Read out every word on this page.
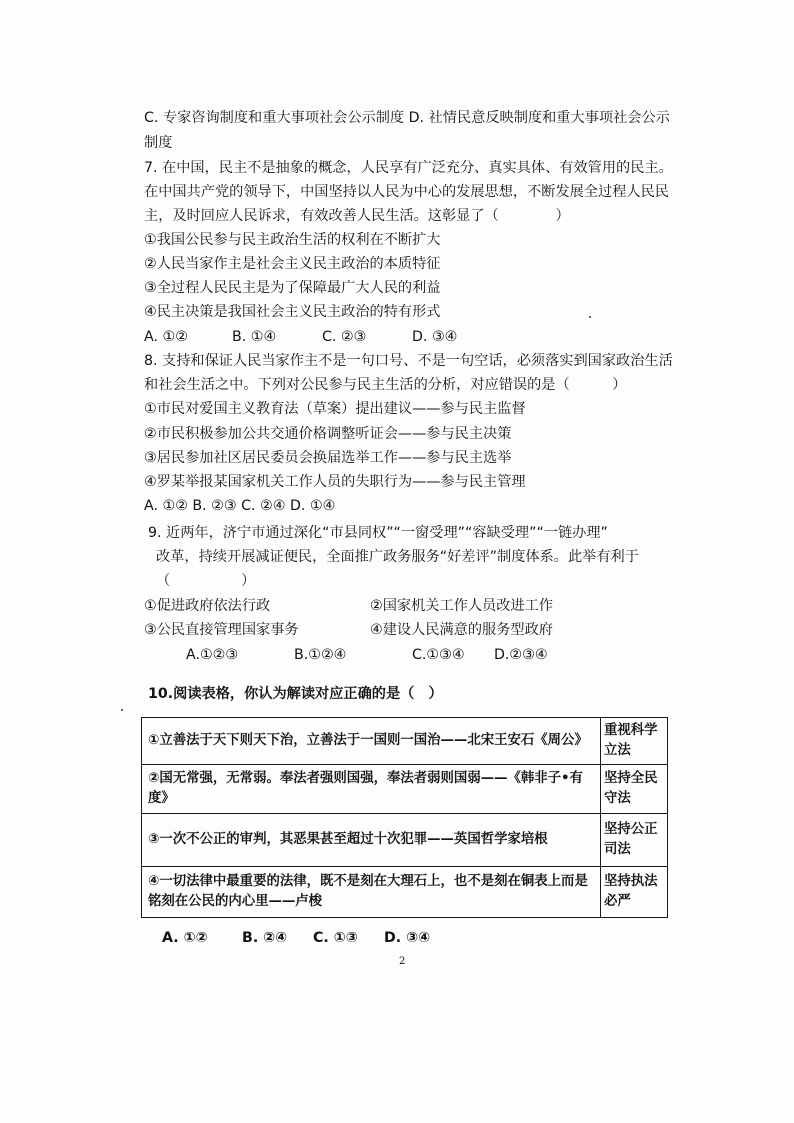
C. 专家咨询制度和重大事项社会公示制度 D. 社情民意反映制度和重大事项社会公示
制度
7. 在中国，民主不是抽象的概念，人民享有广泛充分、真实具体、有效管用的民主。
在中国共产党的领导下，中国坚持以人民为中心的发展思想，不断发展全过程人民民
主，及时回应人民诉求，有效改善人民生活。这彰显了（　　　　）
①我国公民参与民主政治生活的权利在不断扩大
②人民当家作主是社会主义民主政治的本质特征
③全过程人民民主是为了保障最广大人民的利益
④民主决策是我国社会主义民主政治的特有形式
A. ①②	B. ①④	C. ②③	D. ③④
8. 支持和保证人民当家作主不是一句口号、不是一句空话，必须落实到国家政治生活
和社会生活之中。下列对公民参与民主生活的分析，对应错误的是（　　　）
①市民对爱国主义教育法（草案）提出建议——参与民主监督
②市民积极参加公共交通价格调整听证会——参与民主决策
③居民参加社区居民委员会换届选举工作——参与民主选举
④罗某举报某国家机关工作人员的失职行为——参与民主管理
A. ①② B. ②③ C. ②④ D. ①④
9. 近两年，济宁市通过深化“市县同权”“一窗受理”“容缺受理”“一链办理”
改革，持续开展减证便民，全面推广政务服务“好差评”制度体系。此举有利于
（　　　　　）
①促进政府依法行政	②国家机关工作人员改进工作
③公民直接管理国家事务	④建设人民满意的服务型政府
A.①②③	B.①②④	C.①③④ D.②③④
10.阅读表格，你认为解读对应正确的是（　）
①立善法于天下则天下治，立善法于一国则一国治——北宋王安石《周公》	重视科学立法
②国无常强，无常弱。奉法者强则国强，奉法者弱则国弱——《韩非子•有度》	坚持全民守法
③一次不公正的审判，其恶果甚至超过十次犯罪——英国哲学家培根	坚持公正司法
④一切法律中最重要的法律，既不是刻在大理石上，也不是刻在铜表上而是铭刻在公民的内心里——卢梭	坚持执法必严
A. ①② B. ②④ C. ①③ D. ③④
2
